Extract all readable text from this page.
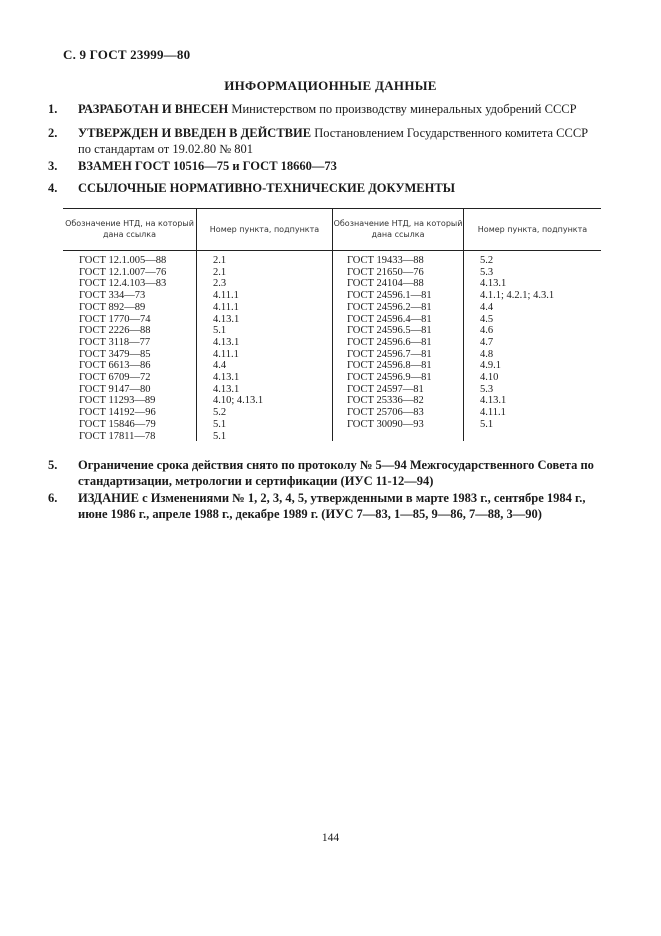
С. 9 ГОСТ 23999—80
ИНФОРМАЦИОННЫЕ ДАННЫЕ
1. РАЗРАБОТАН И ВНЕСЕН Министерством по производству минеральных удобрений СССР
2. УТВЕРЖДЕН И ВВЕДЕН В ДЕЙСТВИЕ Постановлением Государственного комитета СССР по стандартам от 19.02.80 № 801
3. ВЗАМЕН ГОСТ 10516—75 и ГОСТ 18660—73
4. ССЫЛОЧНЫЕ НОРМАТИВНО-ТЕХНИЧЕСКИЕ ДОКУМЕНТЫ
Обозначение НТД, на который дана ссылка
Номер пункта, подпункта
Обозначение НТД, на который дана ссылка
Номер пункта, подпункта
ГОСТ 12.1.005—88
ГОСТ 12.1.007—76
ГОСТ 12.4.103—83
ГОСТ 334—73
ГОСТ 892—89
ГОСТ 1770—74
ГОСТ 2226—88
ГОСТ 3118—77
ГОСТ 3479—85
ГОСТ 6613—86
ГОСТ 6709—72
ГОСТ 9147—80
ГОСТ 11293—89
ГОСТ 14192—96
ГОСТ 15846—79
ГОСТ 17811—78
2.1
2.1
2.3
4.11.1
4.11.1
4.13.1
5.1
4.13.1
4.11.1
4.4
4.13.1
4.13.1
4.10; 4.13.1
5.2
5.1
5.1
ГОСТ 19433—88
ГОСТ 21650—76
ГОСТ 24104—88
ГОСТ 24596.1—81
ГОСТ 24596.2—81
ГОСТ 24596.4—81
ГОСТ 24596.5—81
ГОСТ 24596.6—81
ГОСТ 24596.7—81
ГОСТ 24596.8—81
ГОСТ 24596.9—81
ГОСТ 24597—81
ГОСТ 25336—82
ГОСТ 25706—83
ГОСТ 30090—93
5.2
5.3
4.13.1
4.1.1; 4.2.1; 4.3.1
4.4
4.5
4.6
4.7
4.8
4.9.1
4.10
5.3
4.13.1
4.11.1
5.1
5. Ограничение срока действия снято по протоколу № 5—94 Межгосударственного Совета по стандартизации, метрологии и сертификации (ИУС 11-12—94)
6. ИЗДАНИЕ с Изменениями № 1, 2, 3, 4, 5, утвержденными в марте 1983 г., сентябре 1984 г., июне 1986 г., апреле 1988 г., декабре 1989 г. (ИУС 7—83, 1—85, 9—86, 7—88, 3—90)
144
